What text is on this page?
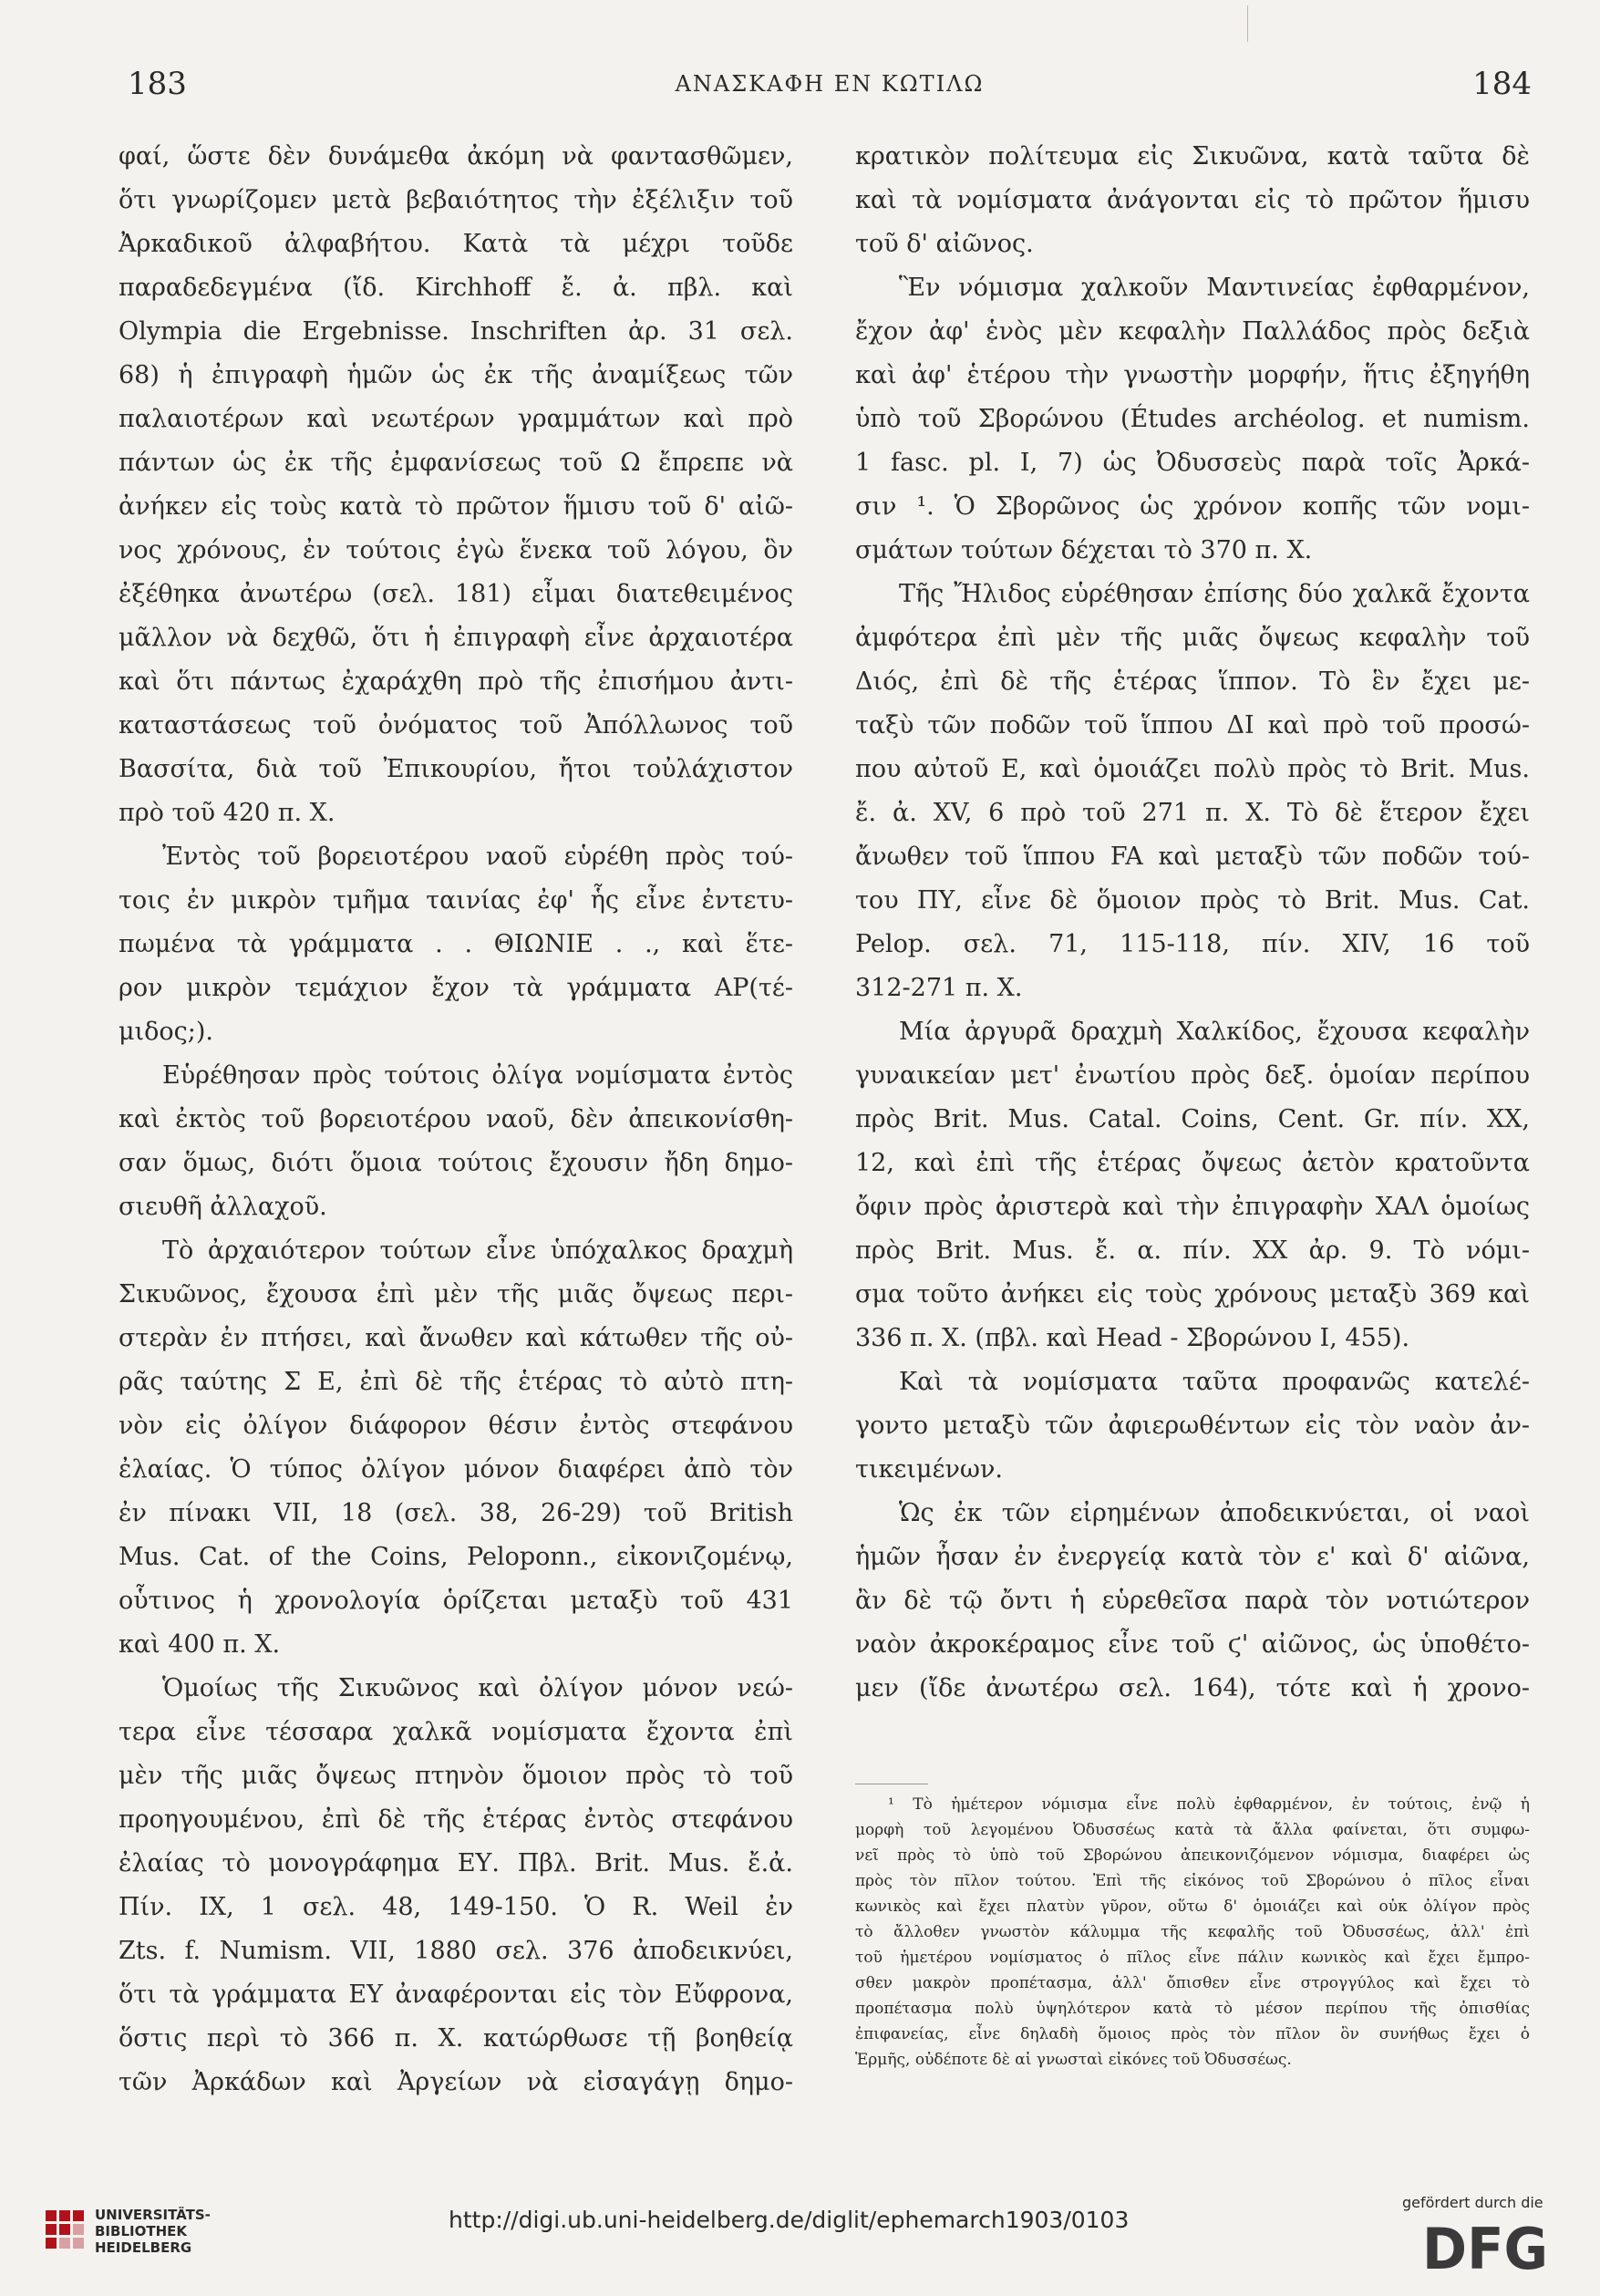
183	ΑΝΑΣΚΑΦΗ ΕΝ ΚΩΤΙΛΩ	184
φαί, ὥστε δὲν δυνάμεθα ἀκόμη νὰ φαντασθῶμεν,
ὅτι γνωρίζομεν μετὰ βεβαιότητος τὴν ἐξέλιξιν τοῦ
Ἀρκαδικοῦ ἀλφαβήτου. Κατὰ τὰ μέχρι τοῦδε
παραδεδεγμένα (ἴδ. Kirchhoff ἔ. ἀ. πβλ. καὶ
Olympia die Ergebnisse. Inschriften ἀρ. 31 σελ.
68) ἡ ἐπιγραφὴ ἡμῶν ὡς ἐκ τῆς ἀναμίξεως τῶν
παλαιοτέρων καὶ νεωτέρων γραμμάτων καὶ πρὸ
πάντων ὡς ἐκ τῆς ἐμφανίσεως τοῦ Ω ἔπρεπε νὰ
ἀνήκεν εἰς τοὺς κατὰ τὸ πρῶτον ἥμισυ τοῦ δ' αἰῶ-
νος χρόνους, ἐν τούτοις ἐγὼ ἕνεκα τοῦ λόγου, ὃν
ἐξέθηκα ἀνωτέρω (σελ. 181) εἶμαι διατεθειμένος
μᾶλλον νὰ δεχθῶ, ὅτι ἡ ἐπιγραφὴ εἶνε ἀρχαιοτέρα
καὶ ὅτι πάντως ἐχαράχθη πρὸ τῆς ἐπισήμου ἀντι-
καταστάσεως τοῦ ὀνόματος τοῦ Ἀπόλλωνος τοῦ
Βασσίτα, διὰ τοῦ Ἐπικουρίου, ἤτοι τοὐλάχιστον
πρὸ τοῦ 420 π. Χ.
Ἐντὸς τοῦ βορειοτέρου ναοῦ εὑρέθη πρὸς τού-
τοις ἐν μικρὸν τμῆμα ταινίας ἐφ' ἧς εἶνε ἐντετυ-
πωμένα τὰ γράμματα . . ΘΙΩΝΙΕ . ., καὶ ἕτε-
ρον μικρὸν τεμάχιον ἔχον τὰ γράμματα ΑΡ(τέ-
μιδος;).
Εὑρέθησαν πρὸς τούτοις ὀλίγα νομίσματα ἐντὸς
καὶ ἐκτὸς τοῦ βορειοτέρου ναοῦ, δὲν ἀπεικονίσθη-
σαν ὅμως, διότι ὅμοια τούτοις ἔχουσιν ἤδη δημο-
σιευθῆ ἀλλαχοῦ.
Τὸ ἀρχαιότερον τούτων εἶνε ὑπόχαλκος δραχμὴ
Σικυῶνος, ἔχουσα ἐπὶ μὲν τῆς μιᾶς ὄψεως περι-
στερὰν ἐν πτήσει, καὶ ἄνωθεν καὶ κάτωθεν τῆς οὐ-
ρᾶς ταύτης Σ Ε, ἐπὶ δὲ τῆς ἑτέρας τὸ αὐτὸ πτη-
νὸν εἰς ὀλίγον διάφορον θέσιν ἐντὸς στεφάνου
ἐλαίας. Ὁ τύπος ὀλίγον μόνον διαφέρει ἀπὸ τὸν
ἐν πίνακι VII, 18 (σελ. 38, 26-29) τοῦ British
Mus. Cat. of the Coins, Peloponn., εἰκονιζομένῳ,
οὗτινος ἡ χρονολογία ὁρίζεται μεταξὺ τοῦ 431
καὶ 400 π. Χ.
Ὁμοίως τῆς Σικυῶνος καὶ ὀλίγον μόνον νεώ-
τερα εἶνε τέσσαρα χαλκᾶ νομίσματα ἔχοντα ἐπὶ
μὲν τῆς μιᾶς ὄψεως πτηνὸν ὅμοιον πρὸς τὸ τοῦ
προηγουμένου, ἐπὶ δὲ τῆς ἑτέρας ἐντὸς στεφάνου
ἐλαίας τὸ μονογράφημα ΕΥ. Πβλ. Brit. Mus. ἔ.ἀ.
Πίν. IX, 1 σελ. 48, 149-150. Ὁ R. Weil ἐν
Zts. f. Numism. VII, 1880 σελ. 376 ἀποδεικνύει,
ὅτι τὰ γράμματα ΕΥ ἀναφέρονται εἰς τὸν Εὔφρονα,
ὅστις περὶ τὸ 366 π. Χ. κατώρθωσε τῇ βοηθείᾳ
τῶν Ἀρκάδων καὶ Ἀργείων νὰ εἰσαγάγῃ δημο-
κρατικὸν πολίτευμα εἰς Σικυῶνα, κατὰ ταῦτα δὲ
καὶ τὰ νομίσματα ἀνάγονται εἰς τὸ πρῶτον ἥμισυ
τοῦ δ' αἰῶνος.
Ἓν νόμισμα χαλκοῦν Μαντινείας ἐφθαρμένον,
ἔχον ἀφ' ἑνὸς μὲν κεφαλὴν Παλλάδος πρὸς δεξιὰ
καὶ ἀφ' ἑτέρου τὴν γνωστὴν μορφήν, ἥτις ἐξηγήθη
ὑπὸ τοῦ Σβορώνου (Études archéolog. et numism.
1 fasc. pl. I, 7) ὡς Ὀδυσσεὺς παρὰ τοῖς Ἀρκά-
σιν ¹. Ὁ Σβορῶνος ὡς χρόνον κοπῆς τῶν νομι-
σμάτων τούτων δέχεται τὸ 370 π. Χ.
Τῆς Ἤλιδος εὑρέθησαν ἐπίσης δύο χαλκᾶ ἔχοντα
ἀμφότερα ἐπὶ μὲν τῆς μιᾶς ὄψεως κεφαλὴν τοῦ
Διός, ἐπὶ δὲ τῆς ἑτέρας ἵππον. Τὸ ἓν ἔχει με-
ταξὺ τῶν ποδῶν τοῦ ἵππου ΔΙ καὶ πρὸ τοῦ προσώ-
που αὐτοῦ Ε, καὶ ὁμοιάζει πολὺ πρὸς τὸ Brit. Mus.
ἔ. ἀ. XV, 6 πρὸ τοῦ 271 π. Χ. Τὸ δὲ ἕτερον ἔχει
ἄνωθεν τοῦ ἵππου FA καὶ μεταξὺ τῶν ποδῶν τού-
του ΠΥ, εἶνε δὲ ὅμοιον πρὸς τὸ Brit. Mus. Cat.
Pelop. σελ. 71, 115-118, πίν. XIV, 16 τοῦ
312-271 π. Χ.
Μία ἀργυρᾶ δραχμὴ Χαλκίδος, ἔχουσα κεφαλὴν
γυναικείαν μετ' ἐνωτίου πρὸς δεξ. ὁμοίαν περίπου
πρὸς Brit. Mus. Catal. Coins, Cent. Gr. πίν. XX,
12, καὶ ἐπὶ τῆς ἑτέρας ὄψεως ἀετὸν κρατοῦντα
ὄφιν πρὸς ἀριστερὰ καὶ τὴν ἐπιγραφὴν ΧΑΛ ὁμοίως
πρὸς Brit. Mus. ἔ. α. πίν. XX ἀρ. 9. Τὸ νόμι-
σμα τοῦτο ἀνήκει εἰς τοὺς χρόνους μεταξὺ 369 καὶ
336 π. Χ. (πβλ. καὶ Head - Σβορώνου I, 455).
Καὶ τὰ νομίσματα ταῦτα προφανῶς κατελέ-
γοντο μεταξὺ τῶν ἀφιερωθέντων εἰς τὸν ναὸν ἀν-
τικειμένων.
Ὡς ἐκ τῶν εἰρημένων ἀποδεικνύεται, οἱ ναοὶ
ἡμῶν ἦσαν ἐν ἐνεργείᾳ κατὰ τὸν ε' καὶ δ' αἰῶνα,
ἂν δὲ τῷ ὄντι ἡ εὑρεθεῖσα παρὰ τὸν νοτιώτερον
ναὸν ἀκροκέραμος εἶνε τοῦ ϛ' αἰῶνος, ὡς ὑποθέτο-
μεν (ἴδε ἀνωτέρω σελ. 164), τότε καὶ ἡ χρονο-
¹ Τὸ ἡμέτερον νόμισμα εἶνε πολὺ ἐφθαρμένον, ἐν τούτοις, ἐνῷ ἡ
μορφὴ τοῦ λεγομένου Ὀδυσσέως κατὰ τὰ ἄλλα φαίνεται, ὅτι συμφω-
νεῖ πρὸς τὸ ὑπὸ τοῦ Σβορώνου ἀπεικονιζόμενον νόμισμα, διαφέρει ὡς
πρὸς τὸν πῖλον τούτου. Ἐπὶ τῆς εἰκόνος τοῦ Σβορώνου ὁ πῖλος εἶναι
κωνικὸς καὶ ἔχει πλατὺν γῦρον, οὕτω δ' ὁμοιάζει καὶ οὐκ ὀλίγον πρὸς
τὸ ἄλλοθεν γνωστὸν κάλυμμα τῆς κεφαλῆς τοῦ Ὀδυσσέως, ἀλλ' ἐπὶ
τοῦ ἡμετέρου νομίσματος ὁ πῖλος εἶνε πάλιν κωνικὸς καὶ ἔχει ἔμπρο-
σθεν μακρὸν προπέτασμα, ἀλλ' ὄπισθεν εἶνε στρογγύλος καὶ ἔχει τὸ
προπέτασμα πολὺ ὑψηλότερον κατὰ τὸ μέσον περίπου τῆς ὀπισθίας
ἐπιφανείας, εἶνε δηλαδὴ ὅμοιος πρὸς τὸν πῖλον ὃν συνήθως ἔχει ὁ
Ἑρμῆς, οὐδέποτε δὲ αἱ γνωσταὶ εἰκόνες τοῦ Ὀδυσσέως.
UNIVERSITÄTS-
BIBLIOTHEK
HEIDELBERG
http://digi.ub.uni-heidelberg.de/diglit/ephemarch1903/0103
gefördert durch die
DFG
